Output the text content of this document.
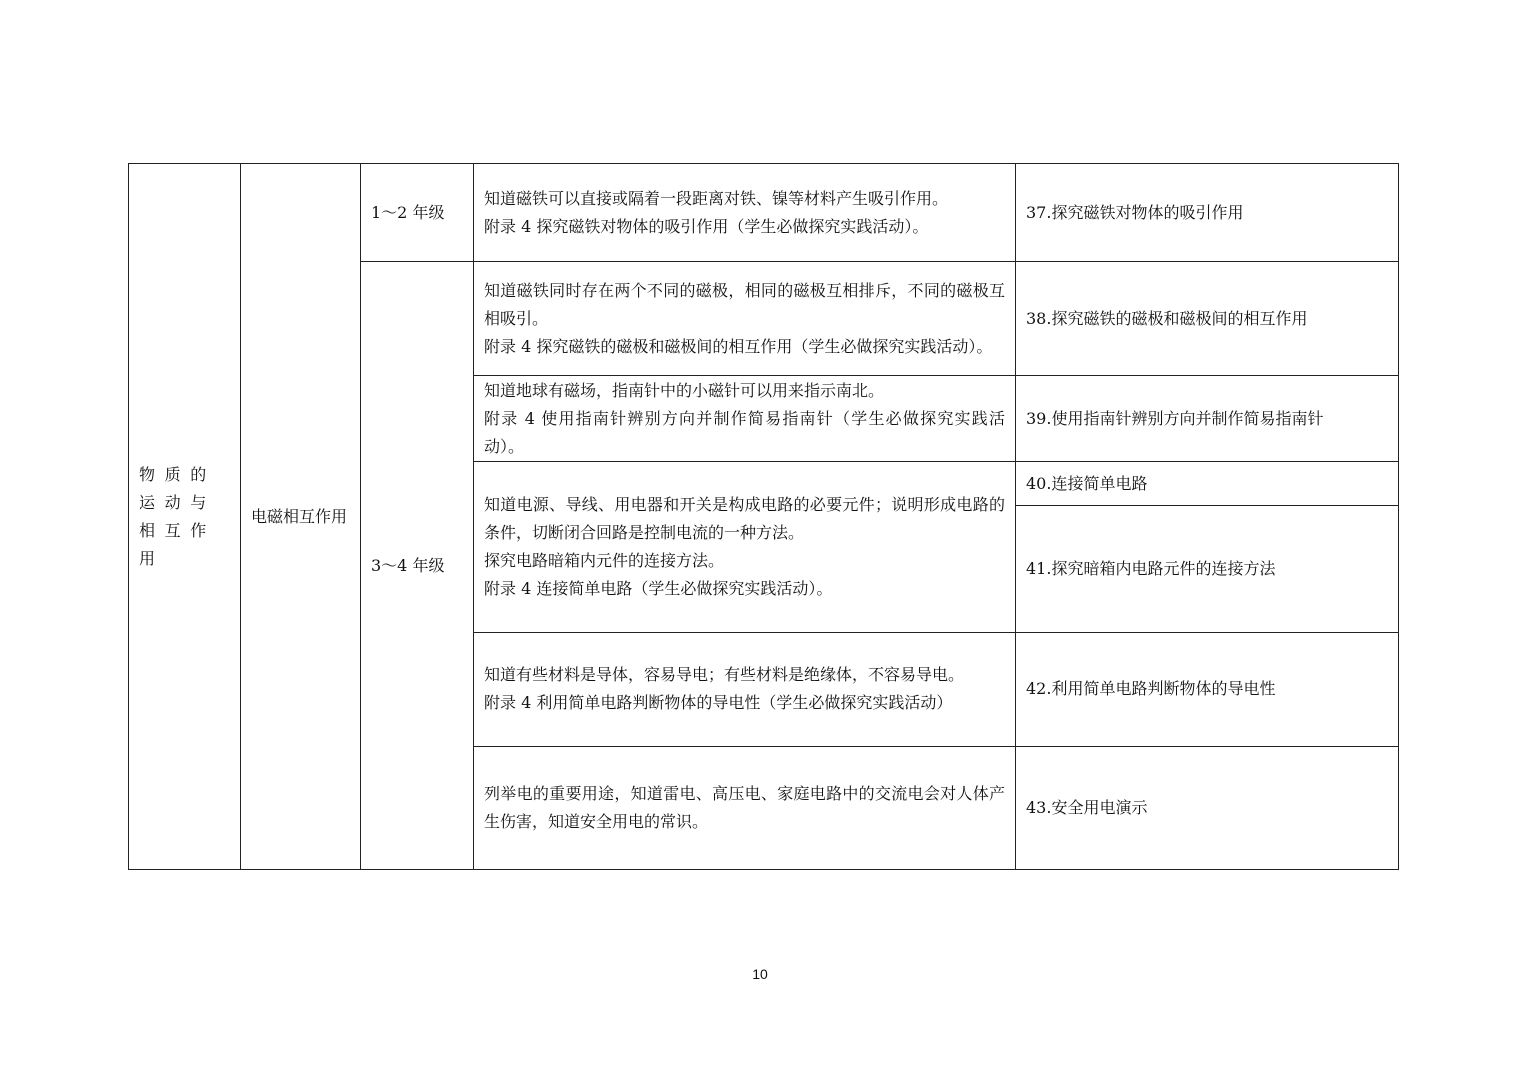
物质的运动与相互作用	电磁相互作用	1～2 年级	知道磁铁可以直接或隔着一段距离对铁、镍等材料产生吸引作用。
附录 4 探究磁铁对物体的吸引作用（学生必做探究实践活动）。	37.探究磁铁对物体的吸引作用
		3～4 年级	知道磁铁同时存在两个不同的磁极，相同的磁极互相排斥，不同的磁极互相吸引。
附录 4 探究磁铁的磁极和磁极间的相互作用（学生必做探究实践活动）。	38.探究磁铁的磁极和磁极间的相互作用

			知道地球有磁场，指南针中的小磁针可以用来指示南北。
附录 4 使用指南针辨别方向并制作简易指南针（学生必做探究实践活动）。	39.使用指南针辨别方向并制作简易指南针

			知道电源、导线、用电器和开关是构成电路的必要元件；说明形成电路的条件，切断闭合回路是控制电流的一种方法。
探究电路暗箱内元件的连接方法。
附录 4 连接简单电路（学生必做探究实践活动）。	40.连接简单电路
				41.探究暗箱内电路元件的连接方法

			知道有些材料是导体，容易导电；有些材料是绝缘体，不容易导电。
附录 4 利用简单电路判断物体的导电性（学生必做探究实践活动）	42.利用简单电路判断物体的导电性

			列举电的重要用途，知道雷电、高压电、家庭电路中的交流电会对人体产生伤害，知道安全用电的常识。	43.安全用电演示
10
